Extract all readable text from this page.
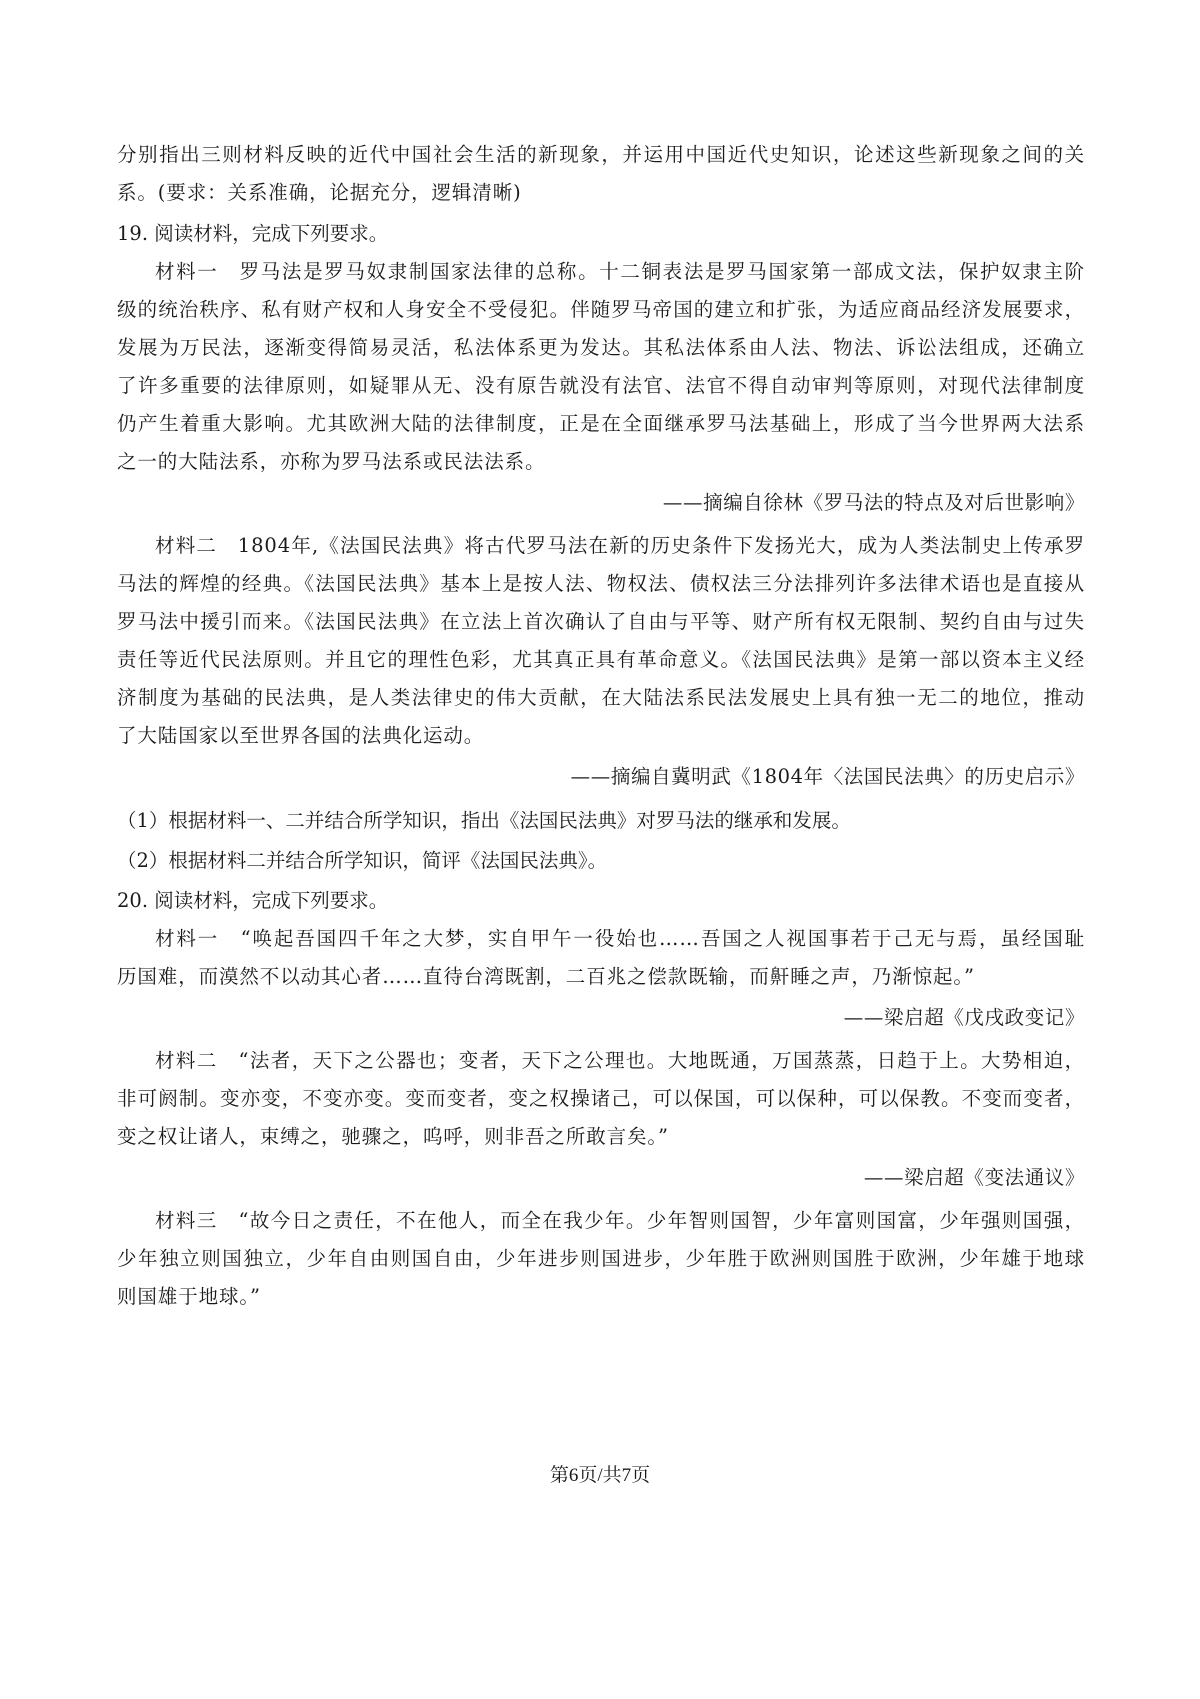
分别指出三则材料反映的近代中国社会生活的新现象，并运用中国近代史知识，论述这些新现象之间的关
系。(要求：关系准确，论据充分，逻辑清晰)
19. 阅读材料，完成下列要求。
材料一　罗马法是罗马奴隶制国家法律的总称。十二铜表法是罗马国家第一部成文法，保护奴隶主阶
级的统治秩序、私有财产权和人身安全不受侵犯。伴随罗马帝国的建立和扩张，为适应商品经济发展要求，
发展为万民法，逐渐变得简易灵活，私法体系更为发达。其私法体系由人法、物法、诉讼法组成，还确立
了许多重要的法律原则，如疑罪从无、没有原告就没有法官、法官不得自动审判等原则，对现代法律制度
仍产生着重大影响。尤其欧洲大陆的法律制度，正是在全面继承罗马法基础上，形成了当今世界两大法系
之一的大陆法系，亦称为罗马法系或民法法系。
——摘编自徐林《罗马法的特点及对后世影响》
材料二　1804年,《法国民法典》将古代罗马法在新的历史条件下发扬光大，成为人类法制史上传承罗
马法的辉煌的经典。《法国民法典》基本上是按人法、物权法、债权法三分法排列许多法律术语也是直接从
罗马法中援引而来。《法国民法典》在立法上首次确认了自由与平等、财产所有权无限制、契约自由与过失
责任等近代民法原则。并且它的理性色彩，尤其真正具有革命意义。《法国民法典》是第一部以资本主义经
济制度为基础的民法典，是人类法律史的伟大贡献，在大陆法系民法发展史上具有独一无二的地位，推动
了大陆国家以至世界各国的法典化运动。
——摘编自冀明武《1804年〈法国民法典〉的历史启示》
（1）根据材料一、二并结合所学知识，指出《法国民法典》对罗马法的继承和发展。
（2）根据材料二并结合所学知识，简评《法国民法典》。
20. 阅读材料，完成下列要求。
材料一　“唤起吾国四千年之大梦，实自甲午一役始也……吾国之人视国事若于己无与焉，虽经国耻
历国难，而漠然不以动其心者……直待台湾既割，二百兆之偿款既输，而鼾睡之声，乃渐惊起。”
——梁启超《戊戌政变记》
材料二　“法者，天下之公器也；变者，天下之公理也。大地既通，万国蒸蒸，日趋于上。大势相迫，
非可阏制。变亦变，不变亦变。变而变者，变之权操诸己，可以保国，可以保种，可以保教。不变而变者，
变之权让诸人，束缚之，驰骤之，呜呼，则非吾之所敢言矣。”
——梁启超《变法通议》
材料三　“故今日之责任，不在他人，而全在我少年。少年智则国智，少年富则国富，少年强则国强，
少年独立则国独立，少年自由则国自由，少年进步则国进步，少年胜于欧洲则国胜于欧洲，少年雄于地球
则国雄于地球。”
第6页/共7页
